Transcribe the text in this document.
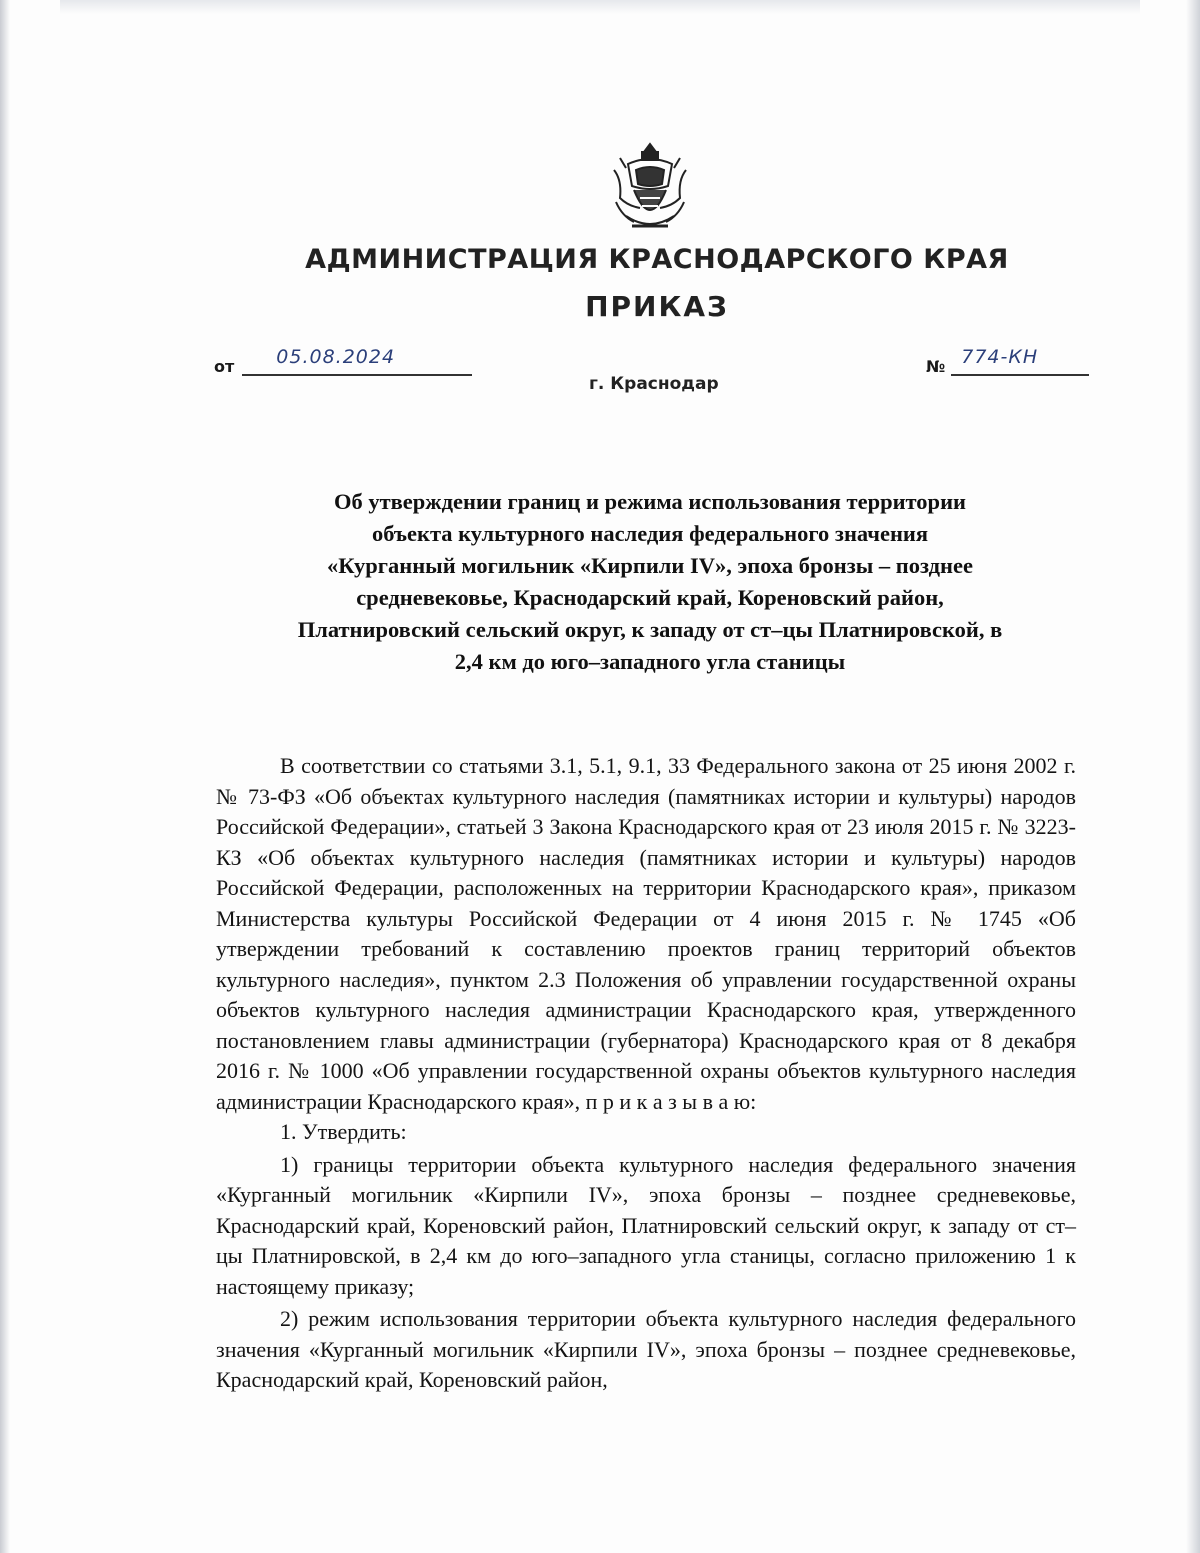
АДМИНИСТРАЦИЯ КРАСНОДАРСКОГО КРАЯ
ПРИКАЗ
от 05.08.2024	№ 774-КН
г. Краснодар
Об утверждении границ и режима использования территории
объекта культурного наследия федерального значения
«Курганный могильник «Кирпили IV», эпоха бронзы – позднее
средневековье, Краснодарский край, Кореновский район,
Платнировский сельский округ, к западу от ст–цы Платнировской, в
2,4 км до юго–западного угла станицы

В соответствии со статьями 3.1, 5.1, 9.1, 33 Федерального закона от 25 июня 2002 г. № 73-ФЗ «Об объектах культурного наследия (памятниках истории и культуры) народов Российской Федерации», статьей 3 Закона Краснодарского края от 23 июля 2015 г. № 3223-КЗ «Об объектах культурного наследия (памятниках истории и культуры) народов Российской Федерации, расположенных на территории Краснодарского края», приказом Министерства культуры Российской Федерации от 4 июня 2015 г. № 1745 «Об утверждении требований к составлению проектов границ территорий объектов культурного наследия», пунктом 2.3 Положения об управлении государственной охраны объектов культурного наследия администрации Краснодарского края, утвержденного постановлением главы администрации (губернатора) Краснодарского края от 8 декабря 2016 г. № 1000 «Об управлении государственной охраны объектов культурного наследия администрации Краснодарского края», п р и к а з ы в а ю:

1. Утвердить:

1) границы территории объекта культурного наследия федерального значения «Курганный могильник «Кирпили IV», эпоха бронзы – позднее средневековье, Краснодарский край, Кореновский район, Платнировский сельский округ, к западу от ст–цы Платнировской, в 2,4 км до юго–западного угла станицы, согласно приложению 1 к настоящему приказу;

2) режим использования территории объекта культурного наследия федерального значения «Курганный могильник «Кирпили IV», эпоха бронзы – позднее средневековье, Краснодарский край, Кореновский район,
